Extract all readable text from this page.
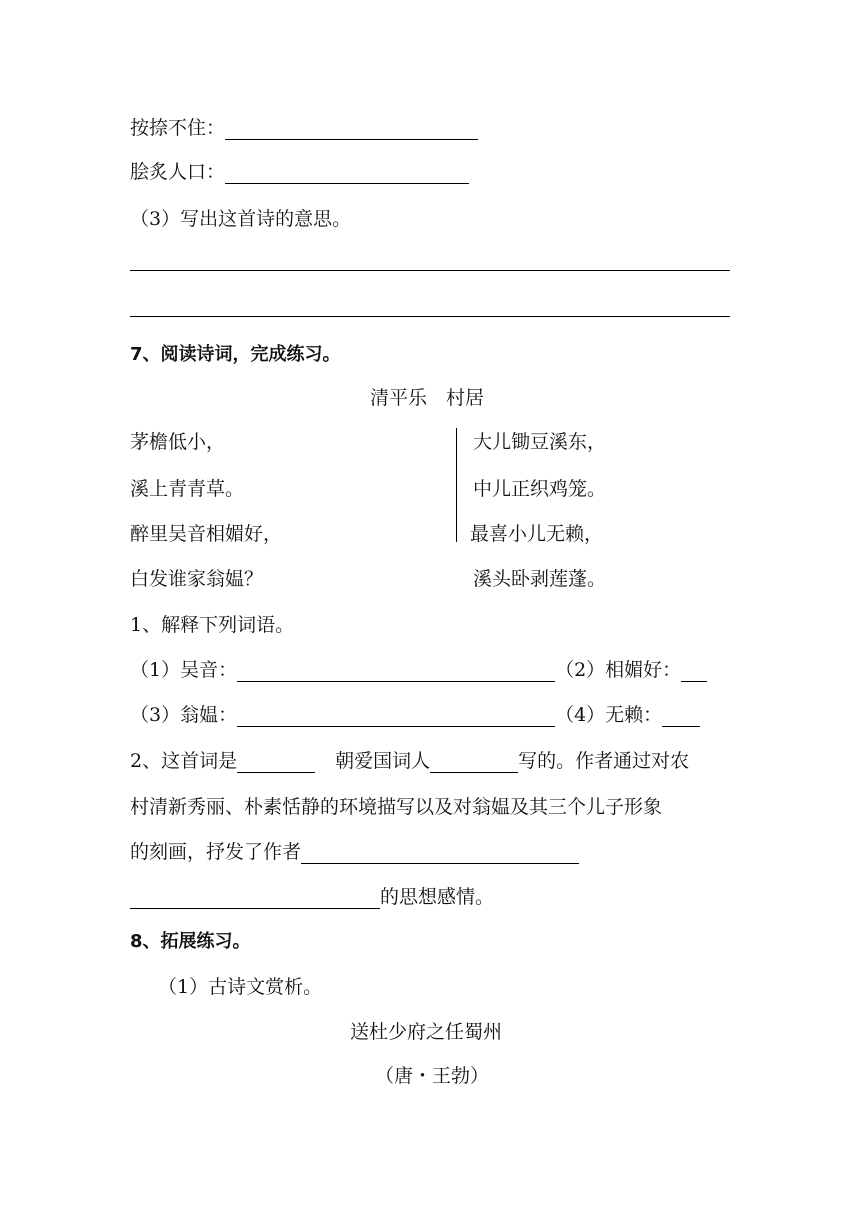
按捺不住：
脍炙人口：
（3）写出这首诗的意思。
7、阅读诗词，完成练习。
清平乐　村居
茅檐低小，
溪上青青草。
醉里吴音相媚好，
白发谁家翁媪？
大儿锄豆溪东，
中儿正织鸡笼。
最喜小儿无赖，
溪头卧剥莲蓬。
1、解释下列词语。
（1）吴音：	（2）相媚好：
（3）翁媪：	（4）无赖：
2、这首词是	朝爱国词人	写的。作者通过对农
村清新秀丽、朴素恬静的环境描写以及对翁媪及其三个儿子形象
的刻画，抒发了作者
的思想感情。
8、拓展练习。
（1）古诗文赏析。
送杜少府之任蜀州
（唐・王勃）
